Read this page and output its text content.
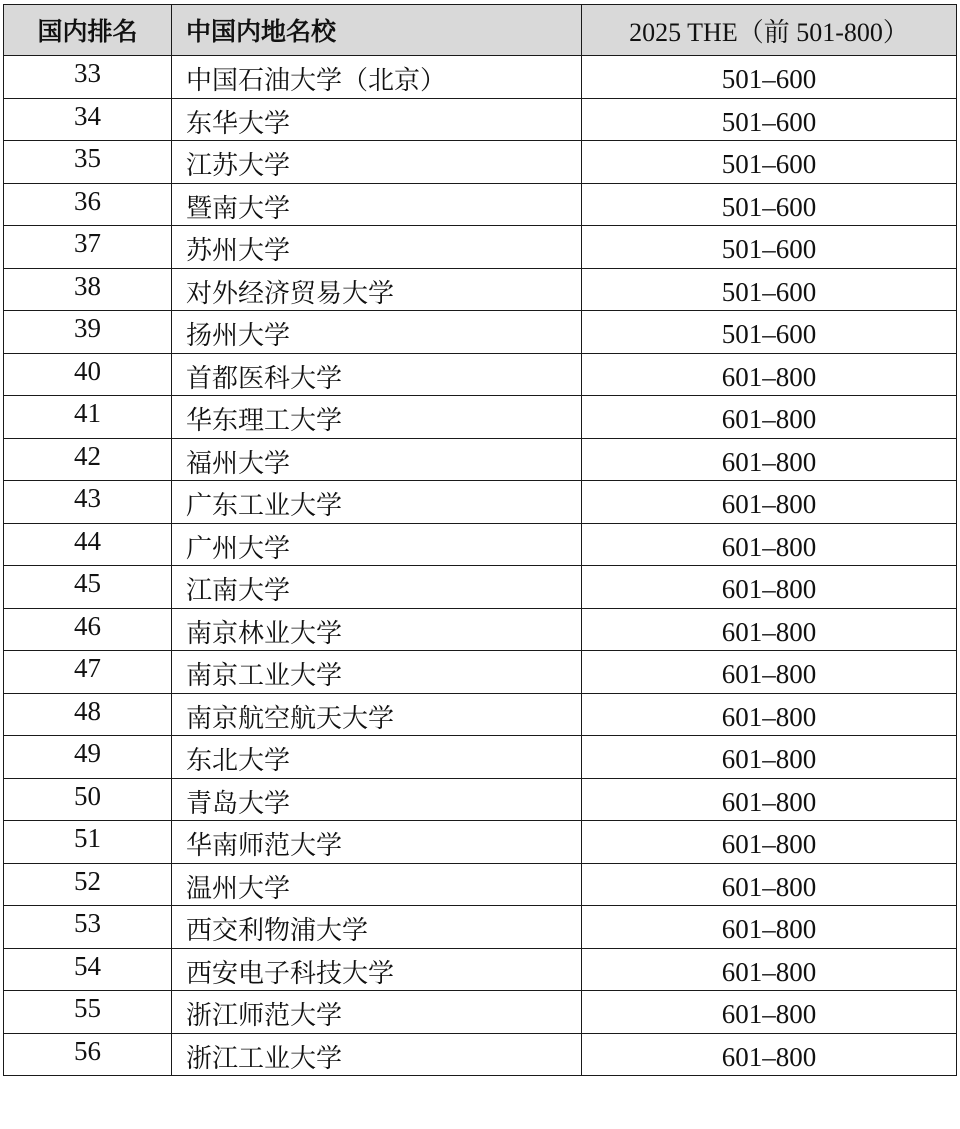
国内排名	中国内地名校	2025 THE（前 501-800）
33	中国石油大学（北京）	501–600
34	东华大学	501–600
35	江苏大学	501–600
36	暨南大学	501–600
37	苏州大学	501–600
38	对外经济贸易大学	501–600
39	扬州大学	501–600
40	首都医科大学	601–800
41	华东理工大学	601–800
42	福州大学	601–800
43	广东工业大学	601–800
44	广州大学	601–800
45	江南大学	601–800
46	南京林业大学	601–800
47	南京工业大学	601–800
48	南京航空航天大学	601–800
49	东北大学	601–800
50	青岛大学	601–800
51	华南师范大学	601–800
52	温州大学	601–800
53	西交利物浦大学	601–800
54	西安电子科技大学	601–800
55	浙江师范大学	601–800
56	浙江工业大学	601–800
